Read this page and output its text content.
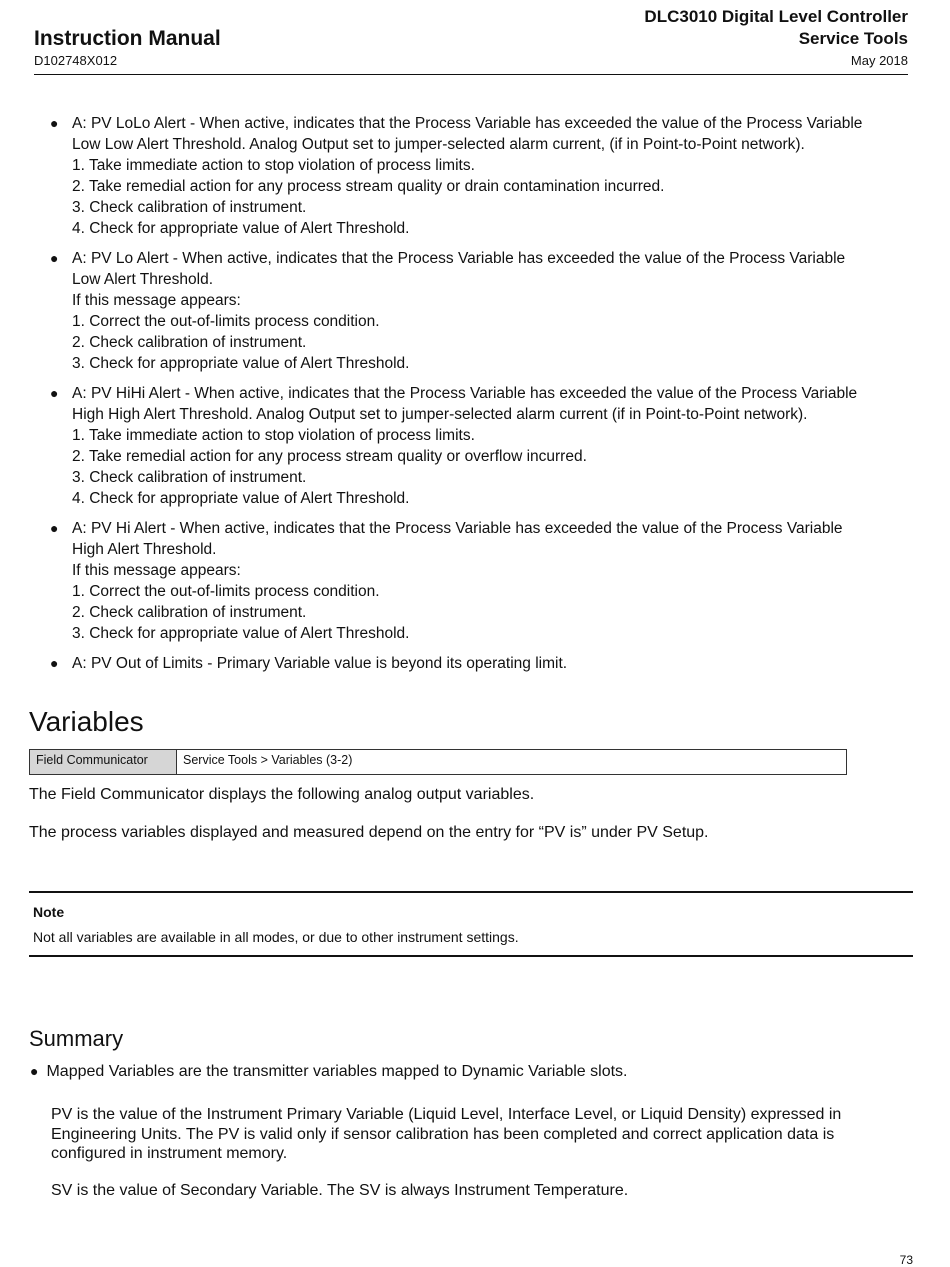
Instruction Manual
D102748X012
DLC3010 Digital Level Controller
Service Tools
May 2018
● A: PV LoLo Alert - When active, indicates that the Process Variable has exceeded the value of the Process Variable
Low Low Alert Threshold. Analog Output set to jumper-selected alarm current, (if in Point-to-Point network).
1. Take immediate action to stop violation of process limits.
2. Take remedial action for any process stream quality or drain contamination incurred.
3. Check calibration of instrument.
4. Check for appropriate value of Alert Threshold.
● A: PV Lo Alert - When active, indicates that the Process Variable has exceeded the value of the Process Variable
Low Alert Threshold.
If this message appears:
1. Correct the out-of-limits process condition.
2. Check calibration of instrument.
3. Check for appropriate value of Alert Threshold.
● A: PV HiHi Alert - When active, indicates that the Process Variable has exceeded the value of the Process Variable
High High Alert Threshold. Analog Output set to jumper-selected alarm current (if in Point-to-Point network).
1. Take immediate action to stop violation of process limits.
2. Take remedial action for any process stream quality or overflow incurred.
3. Check calibration of instrument.
4. Check for appropriate value of Alert Threshold.
● A: PV Hi Alert - When active, indicates that the Process Variable has exceeded the value of the Process Variable
High Alert Threshold.
If this message appears:
1. Correct the out-of-limits process condition.
2. Check calibration of instrument.
3. Check for appropriate value of Alert Threshold.
● A: PV Out of Limits - Primary Variable value is beyond its operating limit.
Variables
Field Communicator	Service Tools > Variables (3-2)
The Field Communicator displays the following analog output variables.
The process variables displayed and measured depend on the entry for “PV is” under PV Setup.
Note
Not all variables are available in all modes, or due to other instrument settings.
Summary
● Mapped Variables are the transmitter variables mapped to Dynamic Variable slots.
PV is the value of the Instrument Primary Variable (Liquid Level, Interface Level, or Liquid Density) expressed in
Engineering Units. The PV is valid only if sensor calibration has been completed and correct application data is
configured in instrument memory.
SV is the value of Secondary Variable. The SV is always Instrument Temperature.
73
